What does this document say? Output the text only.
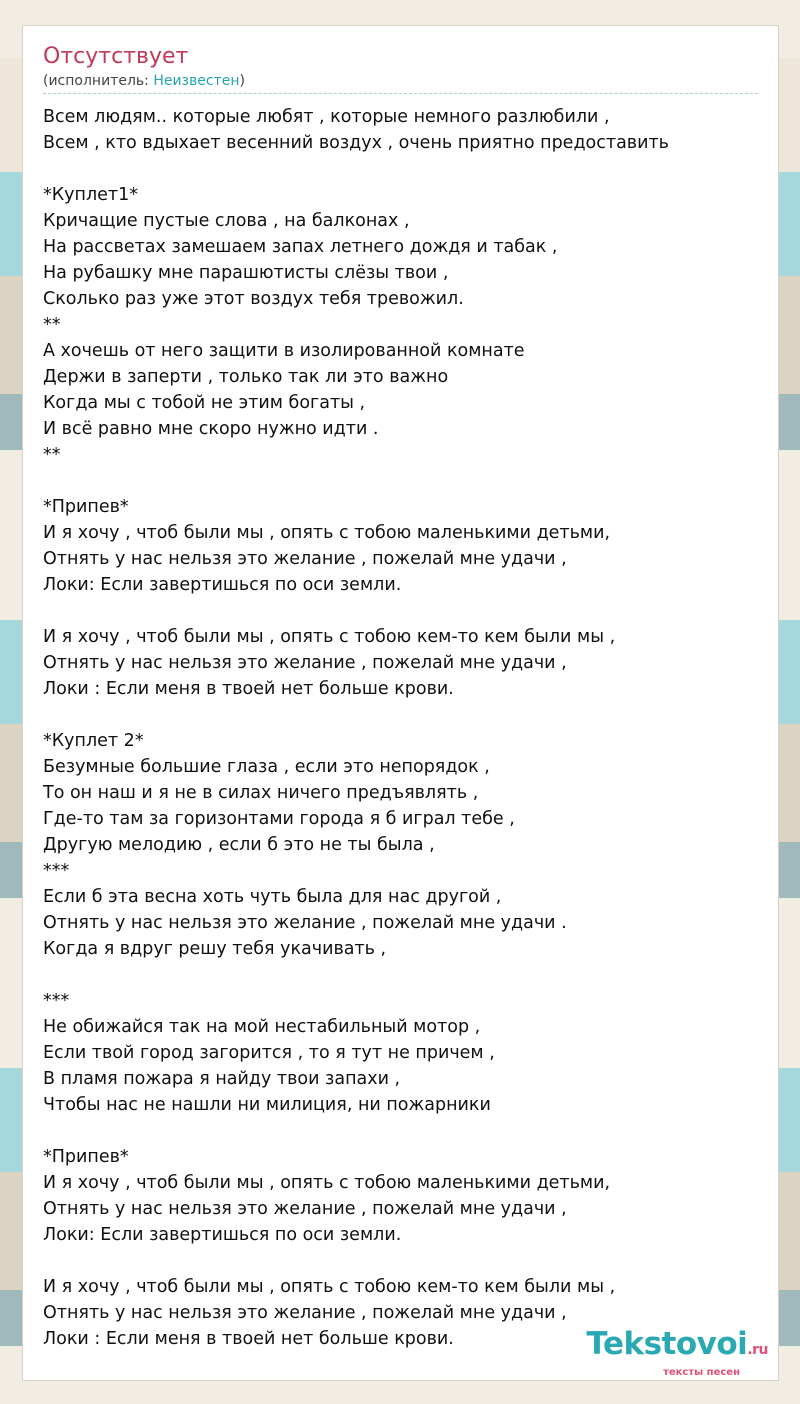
Отсутствует
(исполнитель: Неизвестен)
Всем людям.. которые любят , которые немного разлюбили ,
Всем , кто вдыхает весенний воздух , очень приятно предоставить
*Куплет1*
Кричащие пустые слова , на балконах ,
На рассветах замешаем запах летнего дождя и табак ,
На рубашку мне парашютисты слёзы твои ,
Сколько раз уже этот воздух тебя тревожил.
**
А хочешь от него защити в изолированной комнате
Держи в заперти , только так ли это важно
Когда мы с тобой не этим богаты ,
И всё равно мне скоро нужно идти .
**
*Припев*
И я хочу , чтоб были мы , опять с тобою маленькими детьми,
Отнять у нас нельзя это желание , пожелай мне удачи ,
Локи: Если завертишься по оси земли.
И я хочу , чтоб были мы , опять с тобою кем-то кем были мы ,
Отнять у нас нельзя это желание , пожелай мне удачи ,
Локи : Если меня в твоей нет больше крови.
*Куплет 2*
Безумные большие глаза , если это непорядок ,
То он наш и я не в силах ничего предъявлять ,
Где-то там за горизонтами города я б играл тебе ,
Другую мелодию , если б это не ты была ,
***
Если б эта весна хоть чуть была для нас другой ,
Отнять у нас нельзя это желание , пожелай мне удачи .
Когда я вдруг решу тебя укачивать ,
***
Не обижайся так на мой нестабильный мотор ,
Если твой город загорится , то я тут не причем ,
В пламя пожара я найду твои запахи ,
Чтобы нас не нашли ни милиция, ни пожарники
*Припев*
И я хочу , чтоб были мы , опять с тобою маленькими детьми,
Отнять у нас нельзя это желание , пожелай мне удачи ,
Локи: Если завертишься по оси земли.
И я хочу , чтоб были мы , опять с тобою кем-то кем были мы ,
Отнять у нас нельзя это желание , пожелай мне удачи ,
Локи : Если меня в твоей нет больше крови.	Tekstovoi.ru
тексты песен
